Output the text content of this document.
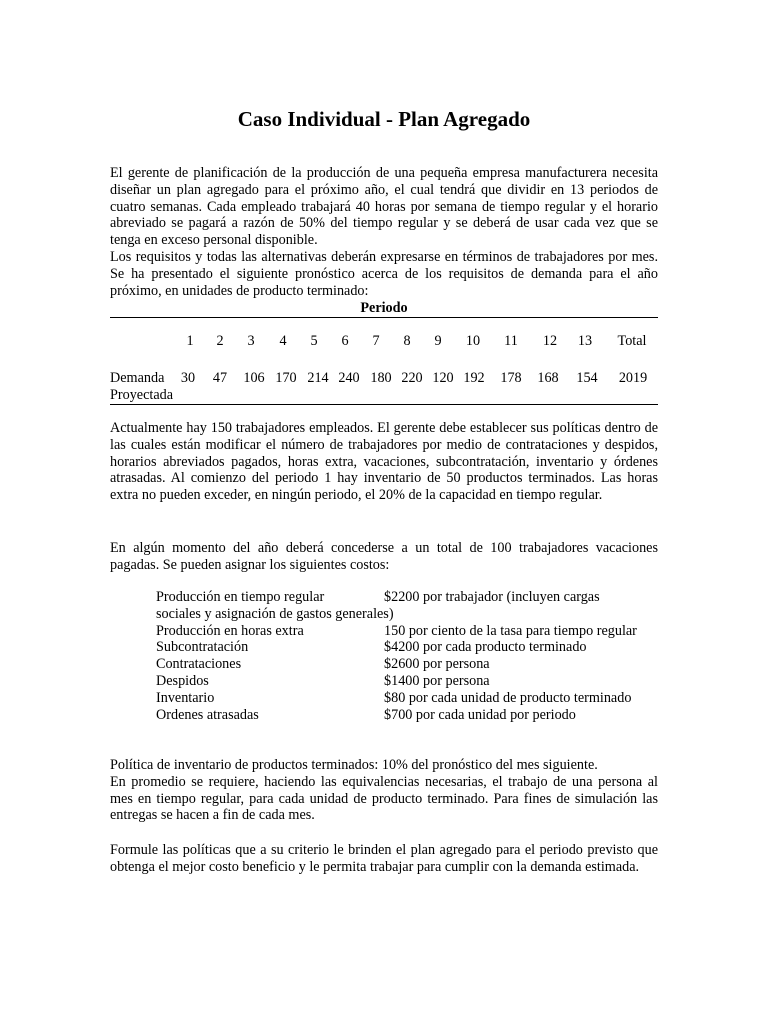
Caso Individual - Plan Agregado
El gerente de planificación de la producción de una pequeña empresa manufacturera necesita diseñar un plan agregado para el próximo año, el cual tendrá que dividir en 13 periodos de cuatro semanas. Cada empleado trabajará 40 horas por semana de tiempo regular y el horario abreviado se pagará a razón de 50% del tiempo regular y se deberá de usar cada vez que se tenga en exceso personal disponible.
Los requisitos y todas las alternativas deberán expresarse en términos de trabajadores por mes. Se ha presentado el siguiente pronóstico acerca de los requisitos de demanda para el año próximo, en unidades de producto terminado:

Periodo

1 2 3 4 5 6 7 8 9 10 11 12 13 Total
Demanda
Proyectada
30 47 106 170 214 240 180 220 120 192 178 168 154 2019

Actualmente hay 150 trabajadores empleados. El gerente debe establecer sus políticas dentro de las cuales están modificar el número de trabajadores por medio de contrataciones y despidos, horarios abreviados pagados, horas extra, vacaciones, subcontratación, inventario y órdenes atrasadas. Al comienzo del periodo 1 hay inventario de 50 productos terminados. Las horas extra no pueden exceder, en ningún periodo, el 20% de la capacidad en tiempo regular.

En algún momento del año deberá concederse a un total de 100 trabajadores vacaciones pagadas. Se pueden asignar los siguientes costos:

Producción en tiempo regular	$2200 por trabajador (incluyen cargas
sociales y asignación de gastos generales)
Producción en horas extra	150 por ciento de la tasa para tiempo regular
Subcontratación	$4200 por cada producto terminado
Contrataciones	$2600 por persona
Despidos	$1400 por persona
Inventario	$80 por cada unidad de producto terminado
Ordenes atrasadas	$700 por cada unidad por periodo
Política de inventario de productos terminados: 10% del pronóstico del mes siguiente.
En promedio se requiere, haciendo las equivalencias necesarias, el trabajo de una persona al mes en tiempo regular, para cada unidad de producto terminado. Para fines de simulación las entregas se hacen a fin de cada mes.

Formule las políticas que a su criterio le brinden el plan agregado para el periodo previsto que obtenga el mejor costo beneficio y le permita trabajar para cumplir con la demanda estimada.
